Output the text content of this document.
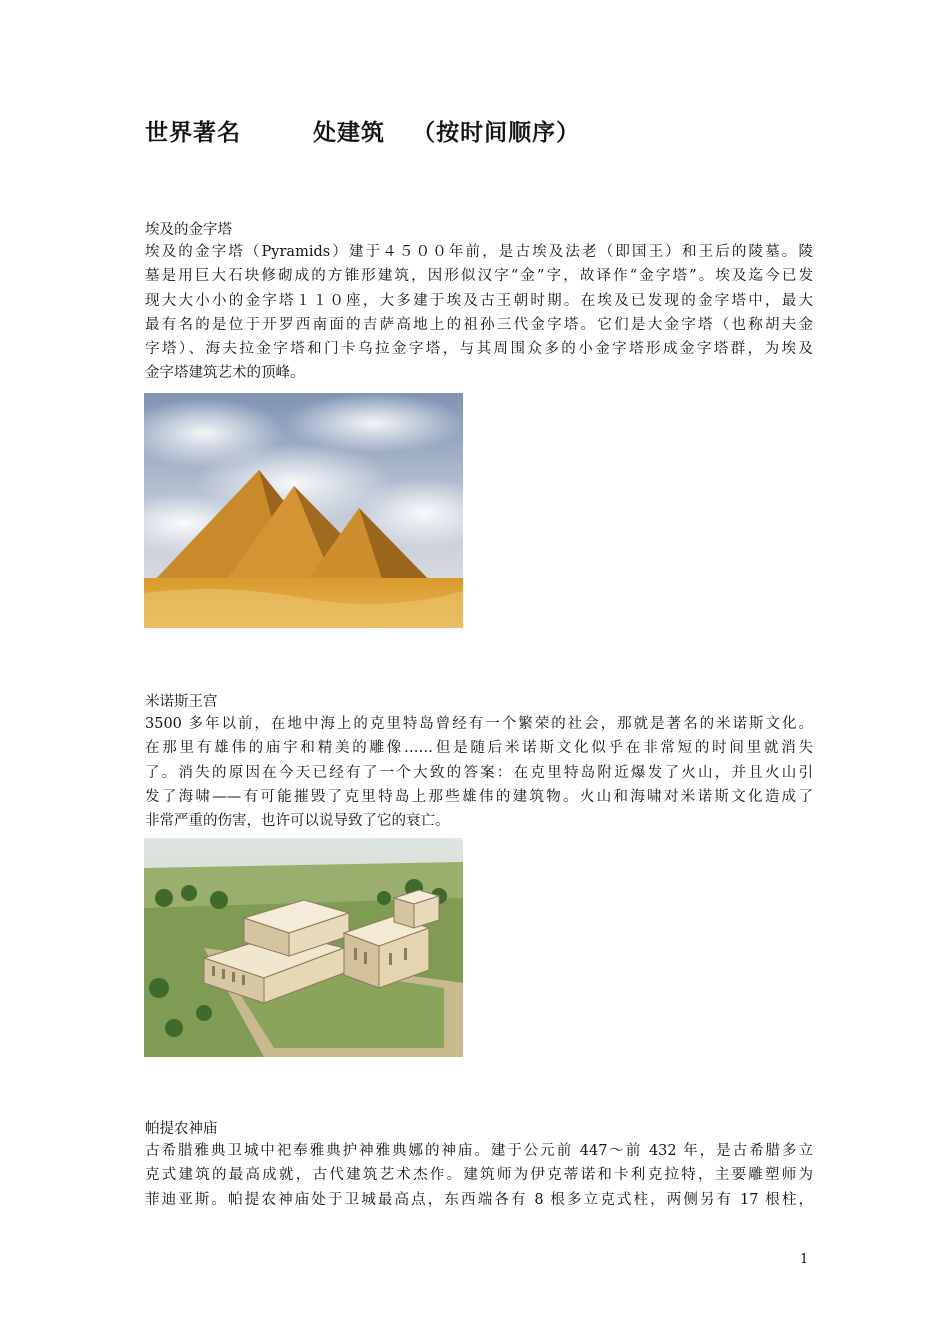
世界著名        处建筑   （按时间顺序）
埃及的金字塔
埃及的金字塔（Pyramids）建于４５００年前，是古埃及法老（即国王）和王后的陵墓。陵
墓是用巨大石块修砌成的方锥形建筑，因形似汉字“金”字，故译作“金字塔”。埃及迄今已发
现大大小小的金字塔１１０座，大多建于埃及古王朝时期。在埃及已发现的金字塔中，最大
最有名的是位于开罗西南面的吉萨高地上的祖孙三代金字塔。它们是大金字塔（也称胡夫金
字塔）、海夫拉金字塔和门卡乌拉金字塔，与其周围众多的小金字塔形成金字塔群，为埃及
金字塔建筑艺术的顶峰。
米诺斯王宫
3500 多年以前，在地中海上的克里特岛曾经有一个繁荣的社会，那就是著名的米诺斯文化。
在那里有雄伟的庙宇和精美的雕像……但是随后米诺斯文化似乎在非常短的时间里就消失
了。消失的原因在今天已经有了一个大致的答案：在克里特岛附近爆发了火山，并且火山引
发了海啸——有可能摧毁了克里特岛上那些雄伟的建筑物。火山和海啸对米诺斯文化造成了
非常严重的伤害，也许可以说导致了它的衰亡。
帕提农神庙
古希腊雅典卫城中祀奉雅典护神雅典娜的神庙。建于公元前 447～前 432 年，是古希腊多立
克式建筑的最高成就，古代建筑艺术杰作。建筑师为伊克蒂诺和卡利克拉特，主要雕塑师为
菲迪亚斯。帕提农神庙处于卫城最高点，东西端各有 8 根多立克式柱，两侧另有 17 根柱，
1
